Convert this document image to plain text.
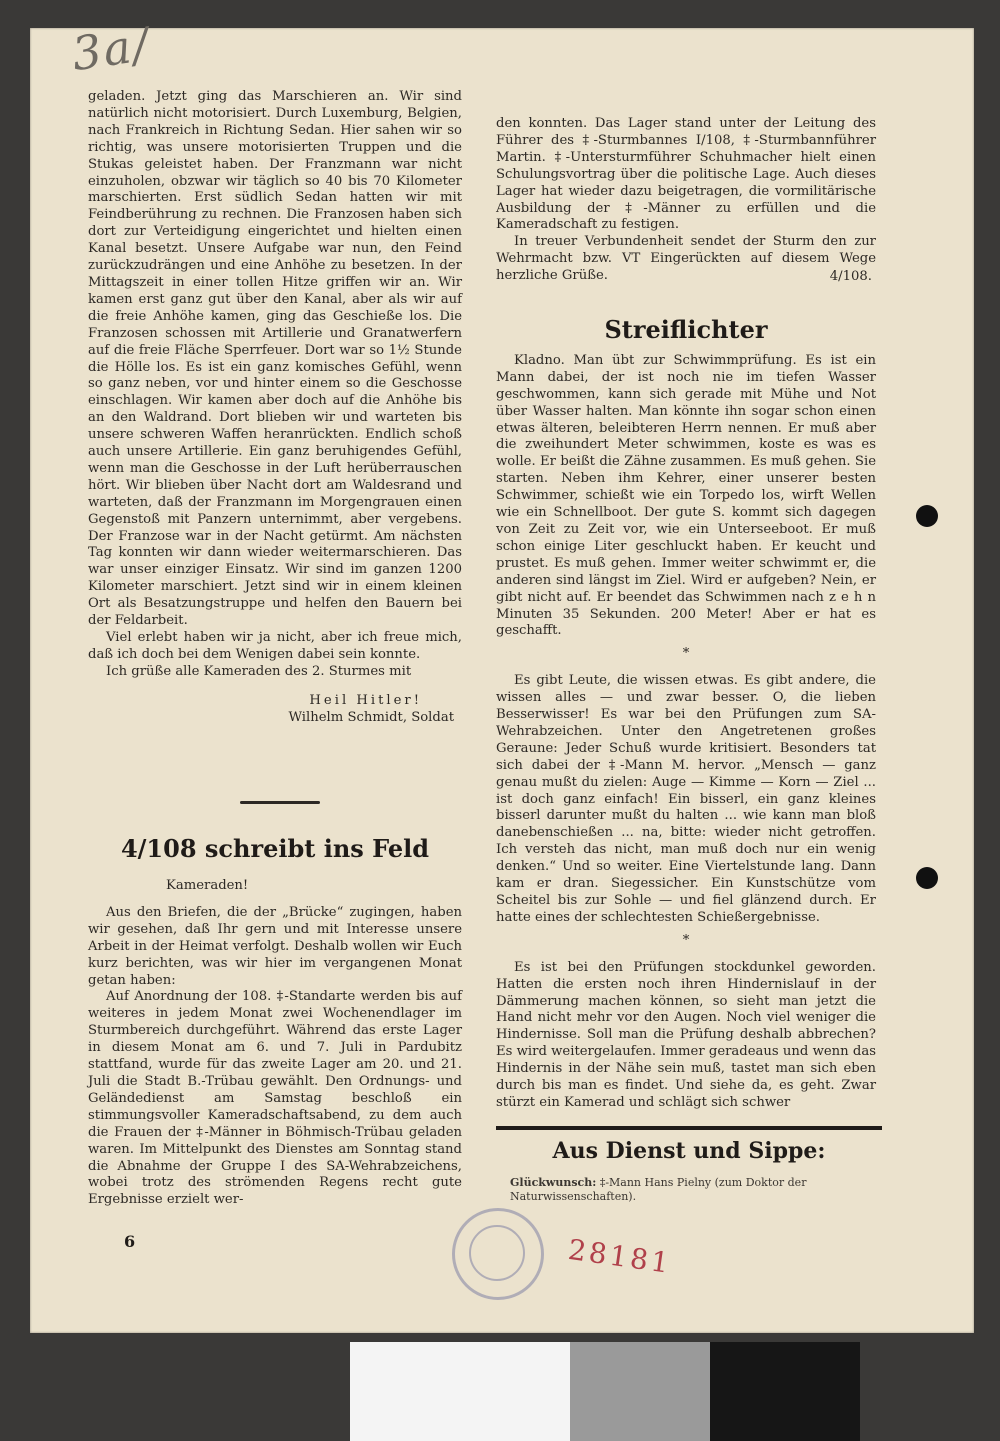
3a/

geladen. Jetzt ging das Marschieren an. Wir sind natürlich nicht motorisiert. Durch Luxemburg, Belgien, nach Frankreich in Richtung Sedan. Hier sahen wir so richtig, was unsere motorisierten Truppen und die Stukas geleistet haben. Der Franzmann war nicht einzuholen, obzwar wir täglich so 40 bis 70 Kilometer marschierten. Erst südlich Sedan hatten wir mit Feindberührung zu rechnen. Die Franzosen haben sich dort zur Verteidigung eingerichtet und hielten einen Kanal besetzt. Unsere Aufgabe war nun, den Feind zurückzudrängen und eine Anhöhe zu besetzen. In der Mittagszeit in einer tollen Hitze griffen wir an. Wir kamen erst ganz gut über den Kanal, aber als wir auf die freie Anhöhe kamen, ging das Geschieße los. Die Franzosen schossen mit Artillerie und Granatwerfern auf die freie Fläche Sperrfeuer. Dort war so 1½ Stunde die Hölle los. Es ist ein ganz komisches Gefühl, wenn so ganz neben, vor und hinter einem so die Geschosse einschlagen. Wir kamen aber doch auf die Anhöhe bis an den Waldrand. Dort blieben wir und warteten bis unsere schweren Waffen heranrückten. Endlich schoß auch unsere Artillerie. Ein ganz beruhigendes Gefühl, wenn man die Geschosse in der Luft herüberrauschen hört. Wir blieben über Nacht dort am Waldesrand und warteten, daß der Franzmann im Morgengrauen einen Gegenstoß mit Panzern unternimmt, aber vergebens. Der Franzose war in der Nacht getürmt. Am nächsten Tag konnten wir dann wieder weitermarschieren. Das war unser einziger Einsatz. Wir sind im ganzen 1200 Kilometer marschiert. Jetzt sind wir in einem kleinen Ort als Besatzungstruppe und helfen den Bauern bei der Feldarbeit.

Viel erlebt haben wir ja nicht, aber ich freue mich, daß ich doch bei dem Wenigen dabei sein konnte.

Ich grüße alle Kameraden des 2. Sturmes mit

Heil Hitler!
Wilhelm Schmidt, Soldat
4/108 schreibt ins Feld

Kameraden!

Aus den Briefen, die der „Brücke“ zugingen, haben wir gesehen, daß Ihr gern und mit Interesse unsere Arbeit in der Heimat verfolgt. Deshalb wollen wir Euch kurz berichten, was wir hier im vergangenen Monat getan haben:

Auf Anordnung der 108. ‡-Standarte werden bis auf weiteres in jedem Monat zwei Wochenendlager im Sturmbereich durchgeführt. Während das erste Lager in diesem Monat am 6. und 7. Juli in Pardubitz stattfand, wurde für das zweite Lager am 20. und 21. Juli die Stadt B.-Trübau gewählt. Den Ordnungs- und Geländedienst am Samstag beschloß ein stimmungsvoller Kameradschaftsabend, zu dem auch die Frauen der ‡-Männer in Böhmisch-Trübau geladen waren. Im Mittelpunkt des Dienstes am Sonntag stand die Abnahme der Gruppe I des SA-Wehrabzeichens, wobei trotz des strömenden Regens recht gute Ergebnisse erzielt wer-

den konnten. Das Lager stand unter der Leitung des Führer des ‡-Sturmbannes I/108, ‡-Sturmbannführer Martin. ‡-Untersturmführer Schuhmacher hielt einen Schulungsvortrag über die politische Lage. Auch dieses Lager hat wieder dazu beigetragen, die vormilitärische Ausbildung der ‡-Männer zu erfüllen und die Kameradschaft zu festigen.

In treuer Verbundenheit sendet der Sturm den zur Wehrmacht bzw. VT Eingerückten auf diesem Wege herzliche Grüße.	4/108.
Streiflichter

Kladno. Man übt zur Schwimmprüfung. Es ist ein Mann dabei, der ist noch nie im tiefen Wasser geschwommen, kann sich gerade mit Mühe und Not über Wasser halten. Man könnte ihn sogar schon einen etwas älteren, beleibteren Herrn nennen. Er muß aber die zweihundert Meter schwimmen, koste es was es wolle. Er beißt die Zähne zusammen. Es muß gehen. Sie starten. Neben ihm Kehrer, einer unserer besten Schwimmer, schießt wie ein Torpedo los, wirft Wellen wie ein Schnellboot. Der gute S. kommt sich dagegen von Zeit zu Zeit vor, wie ein Unterseeboot. Er muß schon einige Liter geschluckt haben. Er keucht und prustet. Es muß gehen. Immer weiter schwimmt er, die anderen sind längst im Ziel. Wird er aufgeben? Nein, er gibt nicht auf. Er beendet das Schwimmen nach z e h n Minuten 35 Sekunden. 200 Meter! Aber er hat es geschafft.

*

Es gibt Leute, die wissen etwas. Es gibt andere, die wissen alles — und zwar besser. O, die lieben Besserwisser! Es war bei den Prüfungen zum SA-Wehrabzeichen. Unter den Angetretenen großes Geraune: Jeder Schuß wurde kritisiert. Besonders tat sich dabei der ‡-Mann M. hervor. „Mensch — ganz genau mußt du zielen: Auge — Kimme — Korn — Ziel ... ist doch ganz einfach! Ein bisserl, ein ganz kleines bisserl darunter mußt du halten ... wie kann man bloß danebenschießen ... na, bitte: wieder nicht getroffen. Ich versteh das nicht, man muß doch nur ein wenig denken.“ Und so weiter. Eine Viertelstunde lang. Dann kam er dran. Siegessicher. Ein Kunstschütze vom Scheitel bis zur Sohle — und fiel glänzend durch. Er hatte eines der schlechtesten Schießergebnisse.

*

Es ist bei den Prüfungen stockdunkel geworden. Hatten die ersten noch ihren Hindernislauf in der Dämmerung machen können, so sieht man jetzt die Hand nicht mehr vor den Augen. Noch viel weniger die Hindernisse. Soll man die Prüfung deshalb abbrechen? Es wird weitergelaufen. Immer geradeaus und wenn das Hindernis in der Nähe sein muß, tastet man sich eben durch bis man es findet. Und siehe da, es geht. Zwar stürzt ein Kamerad und schlägt sich schwer

Aus Dienst und Sippe:
Glückwunsch: ‡-Mann Hans Pielny (zum Doktor der Naturwissenschaften).
6	28181
